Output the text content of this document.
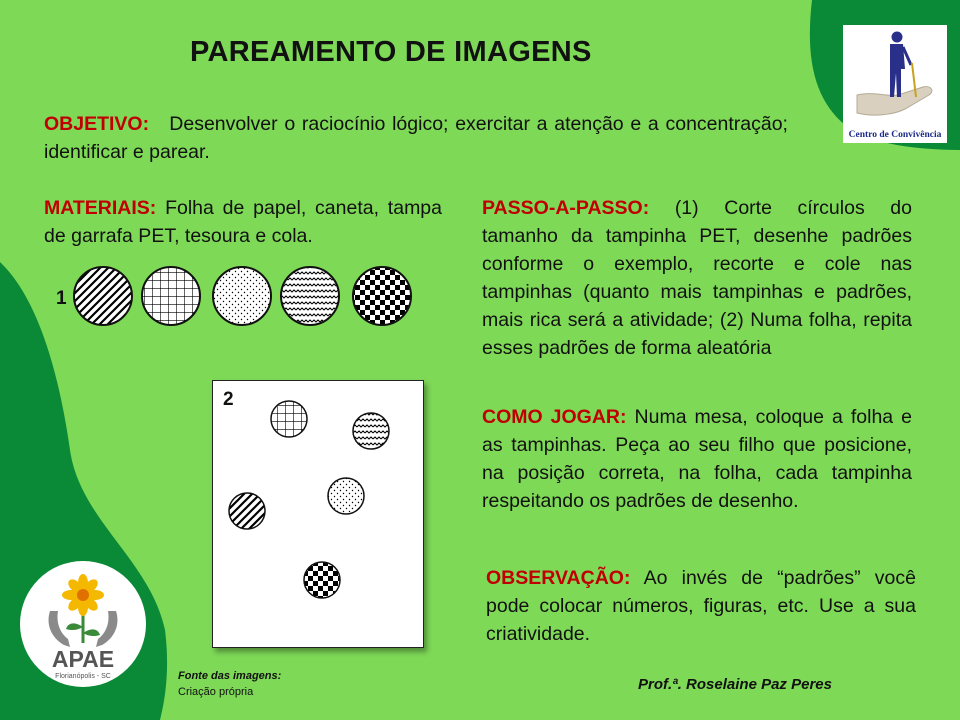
PAREAMENTO DE IMAGENS
OBJETIVO: Desenvolver o raciocínio lógico; exercitar a atenção e a concentração; identificar e parear.
MATERIAIS: Folha de papel, caneta, tampa de garrafa PET, tesoura e cola.
1
2
PASSO-A-PASSO: (1) Corte círculos do tamanho da tampinha PET, desenhe padrões conforme o exemplo, recorte e cole nas tampinhas (quanto mais tampinhas e padrões, mais rica será a atividade; (2) Numa folha, repita esses padrões de forma aleatória
COMO JOGAR: Numa mesa, coloque a folha e as tampinhas. Peça ao seu filho que posicione, na posição correta, na folha, cada tampinha respeitando os padrões de desenho.
OBSERVAÇÃO: Ao invés de “padrões” você pode colocar números, figuras, etc. Use a sua criatividade.
Fonte das imagens:
Criação própria	Prof.ª. Roselaine Paz Peres
Centro de Convivência
APAE
Florianópolis - SC
